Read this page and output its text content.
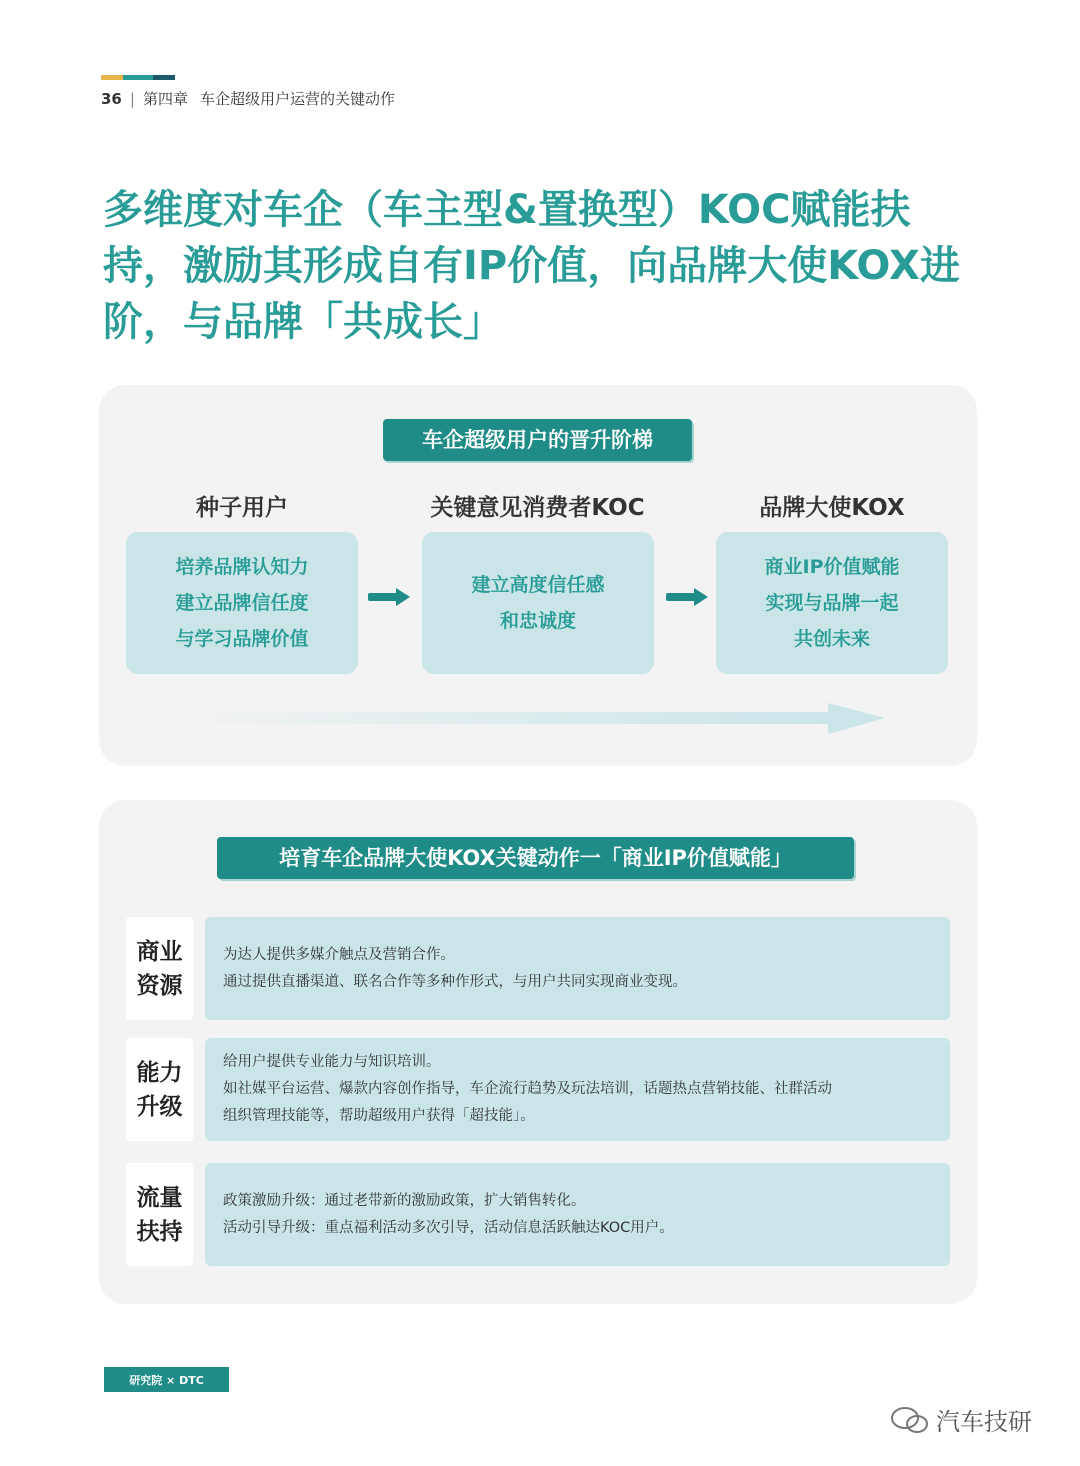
36 | 第四章 车企超级用户运营的关键动作
多维度对车企（车主型&置换型）KOC赋能扶
持，激励其形成自有IP价值，向品牌大使KOX进
阶，与品牌「共成长」
车企超级用户的晋升阶梯
种子用户	关键意见消费者KOC	品牌大使KOX
培养品牌认知力
建立品牌信任度
与学习品牌价值
建立高度信任感
和忠诚度
商业IP价值赋能
实现与品牌一起
共创未来
培育车企品牌大使KOX关键动作一「商业IP价值赋能」
商业
资源
为达人提供多媒介触点及营销合作。
通过提供直播渠道、联名合作等多种作形式，与用户共同实现商业变现。
能力
升级
给用户提供专业能力与知识培训。
如社媒平台运营、爆款内容创作指导，车企流行趋势及玩法培训，话题热点营销技能、社群活动
组织管理技能等，帮助超级用户获得「超技能」。
流量
扶持
政策激励升级：通过老带新的激励政策，扩大销售转化。
活动引导升级：重点福利活动多次引导，活动信息活跃触达KOC用户。
研究院 × DTC
汽车技研
